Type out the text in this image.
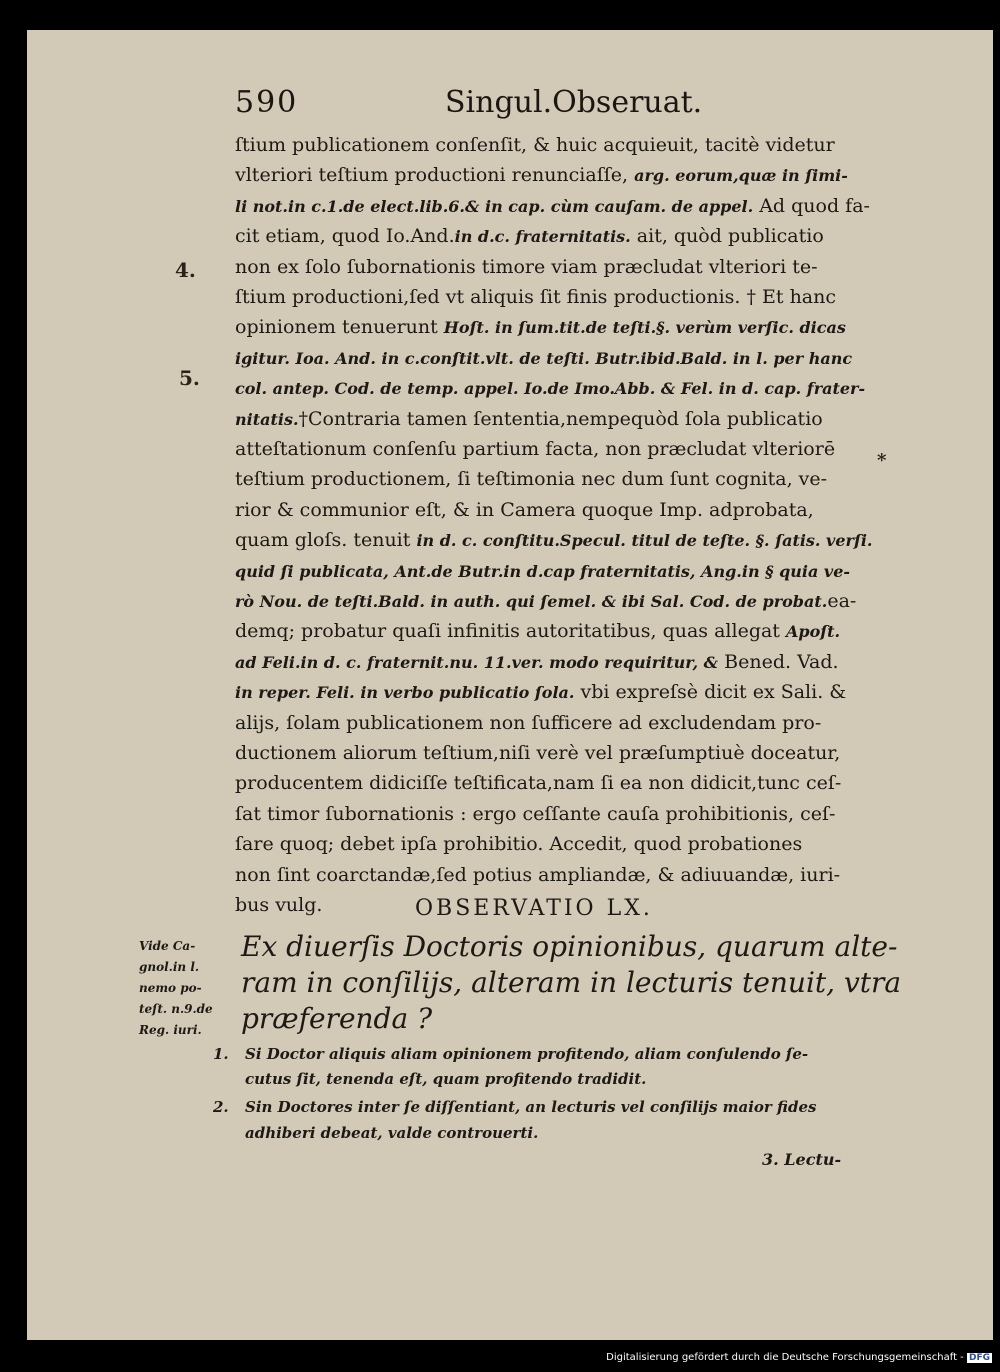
590	Singul.Obseruat.
ſtium publicationem conſenſit, & huic acquieuit, tacitè videtur
vlteriori teſtium productioni renunciaſſe, arg. eorum,quæ in ſimi-
li not.in c.1.de elect.lib.6.& in cap. cùm cauſam. de appel. Ad quod fa-
cit etiam, quod Io.And.in d.c. fraternitatis. ait, quòd publicatio
non ex ſolo ſubornationis timore viam præcludat vlteriori te-
ſtium productioni,ſed vt aliquis ſit finis productionis. † Et hanc
opinionem tenuerunt Hoſt. in ſum.tit.de teſti.§. verùm verſic. dicas
igitur. Ioa. And. in c.conſtit.vlt. de teſti. Butr.ibid.Bald. in l. per hanc
col. antep. Cod. de temp. appel. Io.de Imo.Abb. & Fel. in d. cap. frater-
nitatis.†Contraria tamen ſententia,nempequòd ſola publicatio
atteſtationum conſenſu partium facta, non præcludat vlteriorē
teſtium productionem, ſi teſtimonia nec dum ſunt cognita, ve-
rior & communior eſt, & in Camera quoque Imp. adprobata,
quam gloſs. tenuit in d. c. conſtitu.Specul. titul de teſte. §. ſatis. verſi.
quid ſi publicata, Ant.de Butr.in d.cap fraternitatis, Ang.in § quia ve-
rò Nou. de teſti.Bald. in auth. qui ſemel. & ibi Sal. Cod. de probat.ea-
demq; probatur quaſi infinitis autoritatibus, quas allegat Apoſt.
ad Feli.in d. c. fraternit.nu. 11.ver. modo requiritur, & Bened. Vad.
in reper. Feli. in verbo publicatio ſola. vbi expreſsè dicit ex Sali. &
alijs, ſolam publicationem non ſufficere ad excludendam pro-
ductionem aliorum teſtium,niſi verè vel præſumptiuè doceatur,
producentem didiciſſe teſtificata,nam ſi ea non didicit,tunc ceſ-
ſat timor ſubornationis : ergo ceſſante cauſa prohibitionis, ceſ-
ſare quoq; debet ipſa prohibitio. Accedit, quod probationes
non ſint coarctandæ,ſed potius ampliandæ, & adiuuandæ, iuri-
bus vulg.
4.
5.
*
OBSERVATIO LX.
Ex diuerſis Doctoris opinionibus, quarum alte-
ram in conſilijs, alteram in lecturis tenuit, vtra
præferenda ?
Vide Ca-
gnol.in l.
nemo po-
teſt. n.9.de
Reg. iuri.
1. Si Doctor aliquis aliam opinionem profitendo, aliam conſulendo ſe-
cutus ſit, tenenda eſt, quam profitendo tradidit.
2. Sin Doctores inter ſe diſſentiant, an lecturis vel conſilijs maior fides
adhiberi debeat, valde controuerti.
3. Lectu-
Digitalisierung gefördert durch die Deutsche Forschungsgemeinschaft - DFG
